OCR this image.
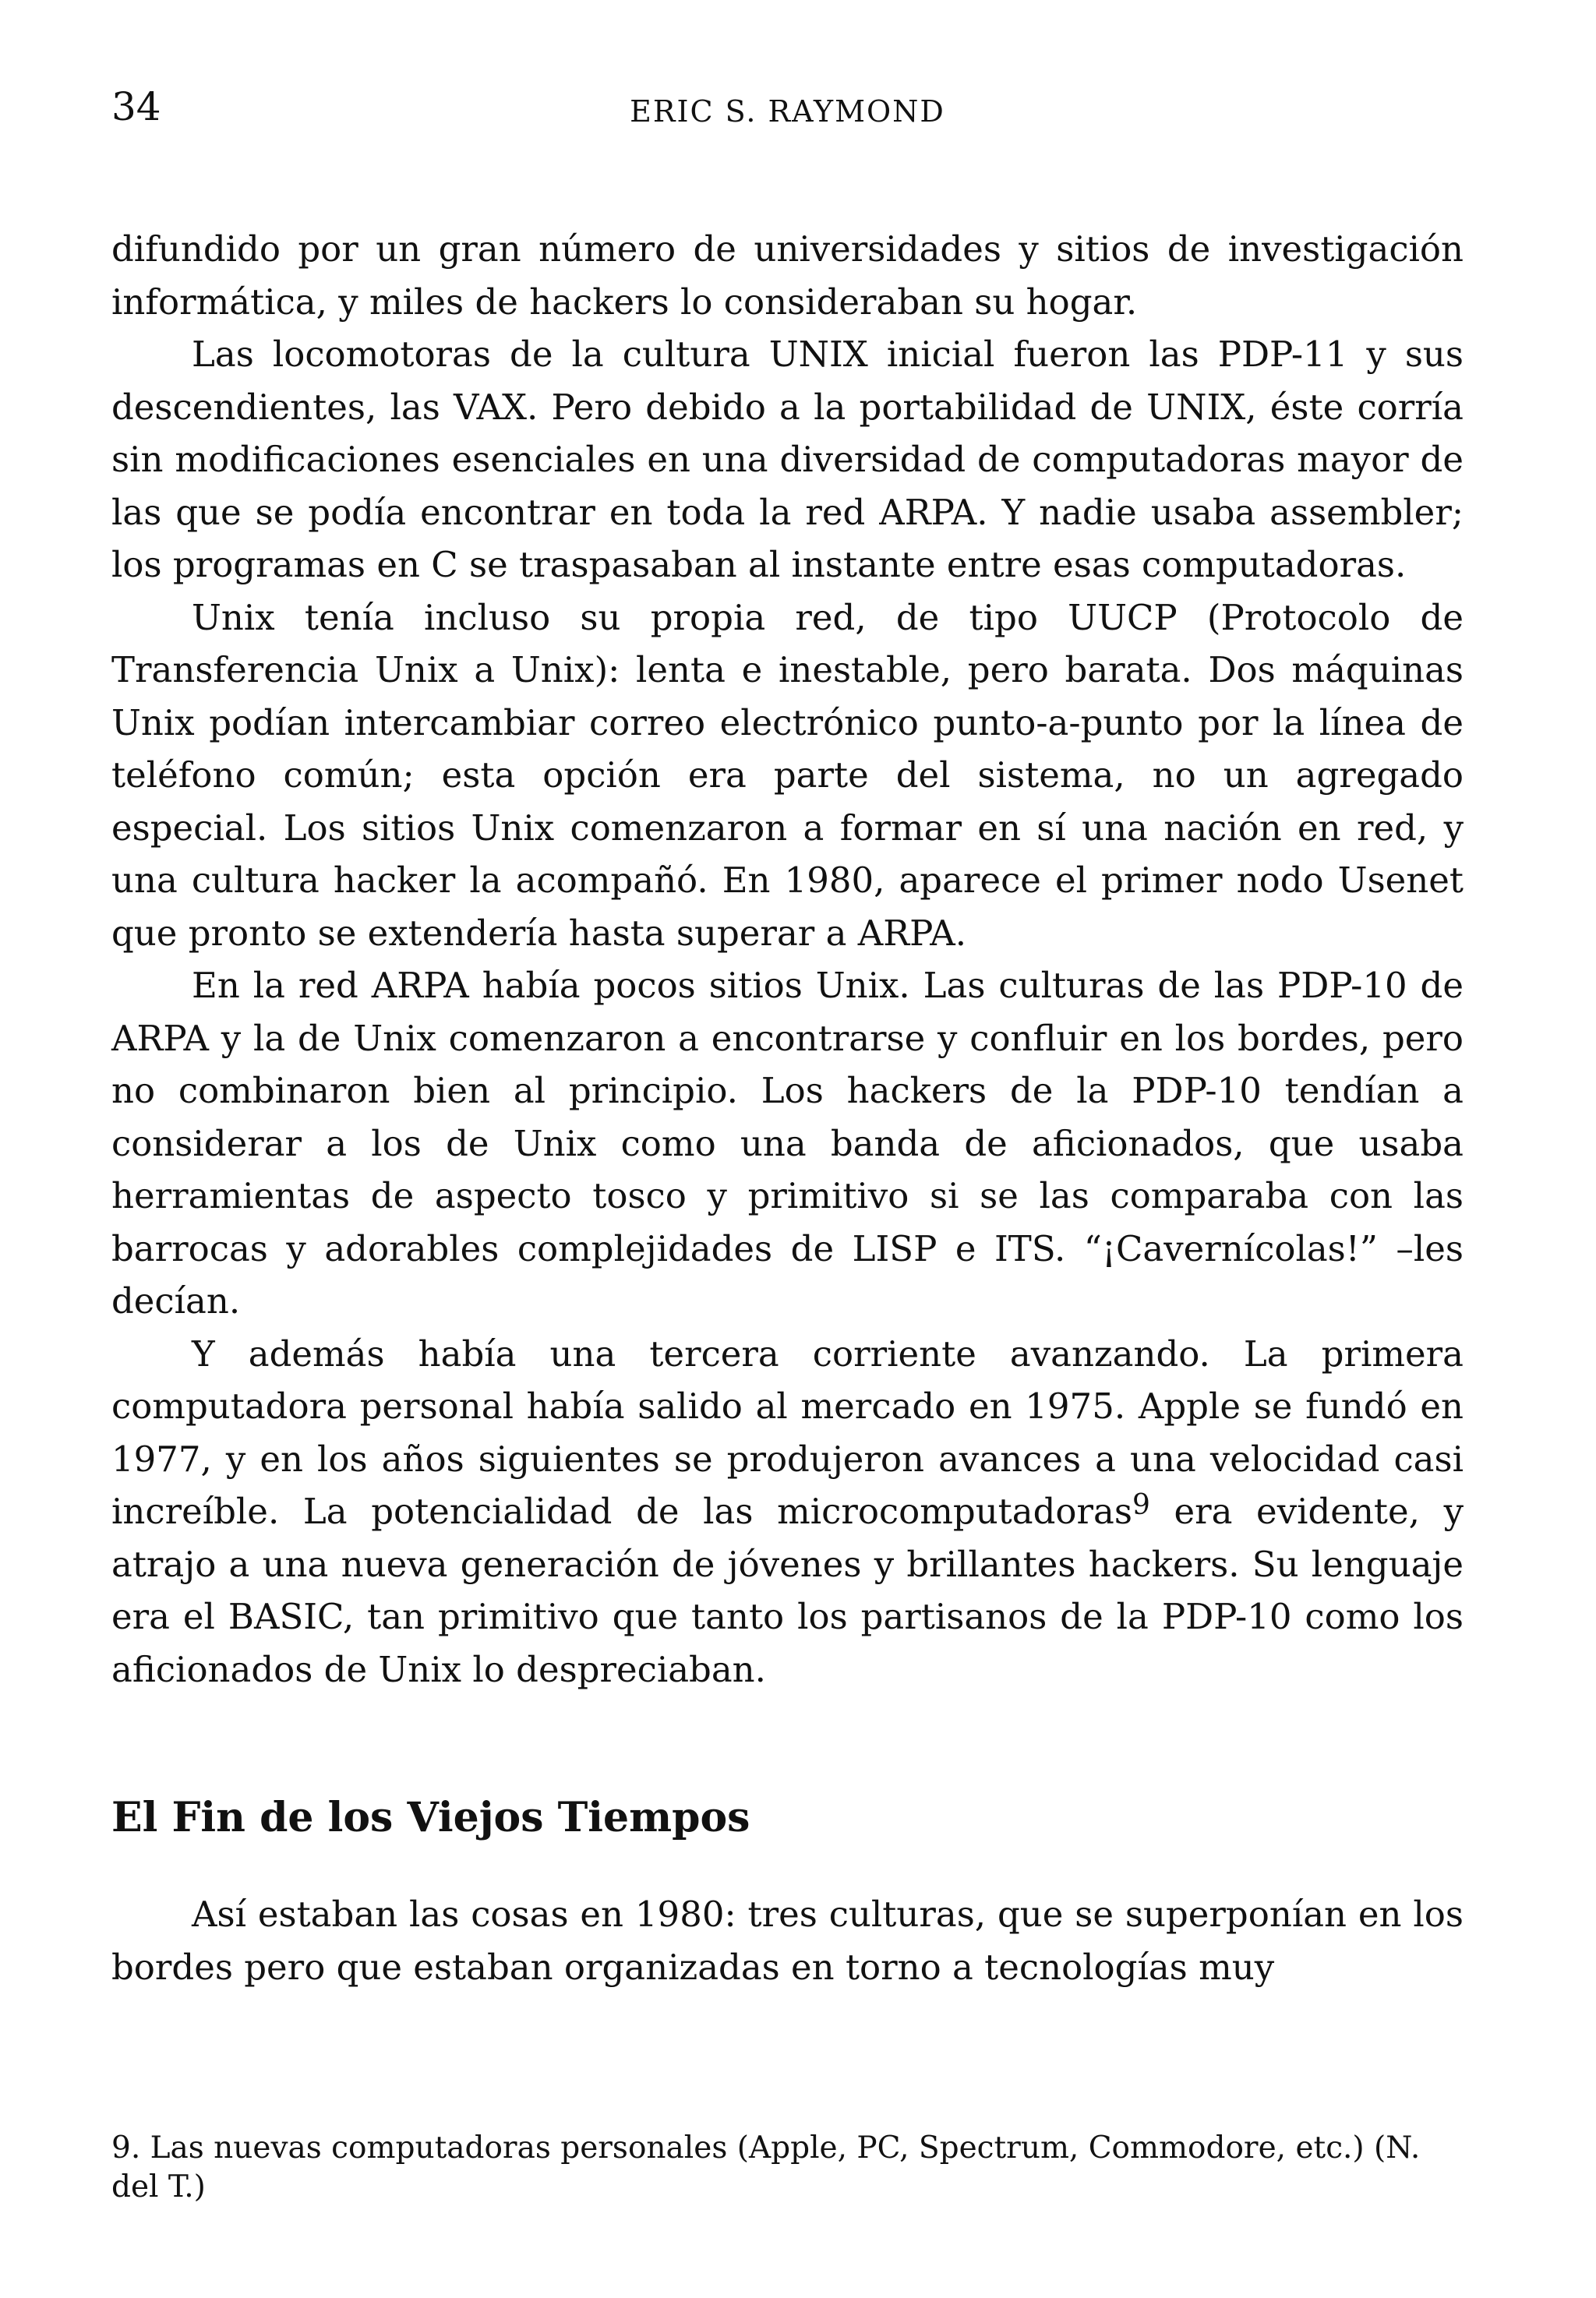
34	ERIC S. RAYMOND

difundido por un gran número de universidades y sitios de investigación informática, y miles de hackers lo consideraban su hogar.

Las locomotoras de la cultura UNIX inicial fueron las PDP-11 y sus descendientes, las VAX. Pero debido a la portabilidad de UNIX, éste corría sin modificaciones esenciales en una diversidad de computadoras mayor de las que se podía encontrar en toda la red ARPA. Y nadie usaba assembler; los programas en C se traspasaban al instante entre esas computadoras.

Unix tenía incluso su propia red, de tipo UUCP (Protocolo de Transferencia Unix a Unix): lenta e inestable, pero barata. Dos máquinas Unix podían intercambiar correo electrónico punto-a-punto por la línea de teléfono común; esta opción era parte del sistema, no un agregado especial. Los sitios Unix comenzaron a formar en sí una nación en red, y una cultura hacker la acompañó. En 1980, aparece el primer nodo Usenet que pronto se extendería hasta superar a ARPA.

En la red ARPA había pocos sitios Unix. Las culturas de las PDP-10 de ARPA y la de Unix comenzaron a encontrarse y confluir en los bordes, pero no combinaron bien al principio. Los hackers de la PDP-10 tendían a considerar a los de Unix como una banda de aficionados, que usaba herramientas de aspecto tosco y primitivo si se las comparaba con las barrocas y adorables complejidades de LISP e ITS. “¡Cavernícolas!” –les decían.

Y además había una tercera corriente avanzando. La primera computadora personal había salido al mercado en 1975. Apple se fundó en 1977, y en los años siguientes se produjeron avances a una velocidad casi increíble. La potencialidad de las microcomputadoras$^9$ era evidente, y atrajo a una nueva generación de jóvenes y brillantes hackers. Su lenguaje era el BASIC, tan primitivo que tanto los partisanos de la PDP-10 como los aficionados de Unix lo despreciaban.

El Fin de los Viejos Tiempos

Así estaban las cosas en 1980: tres culturas, que se superponían en los bordes pero que estaban organizadas en torno a tecnologías muy

9. Las nuevas computadoras personales (Apple, PC, Spectrum, Commodore, etc.) (N. del T.)
